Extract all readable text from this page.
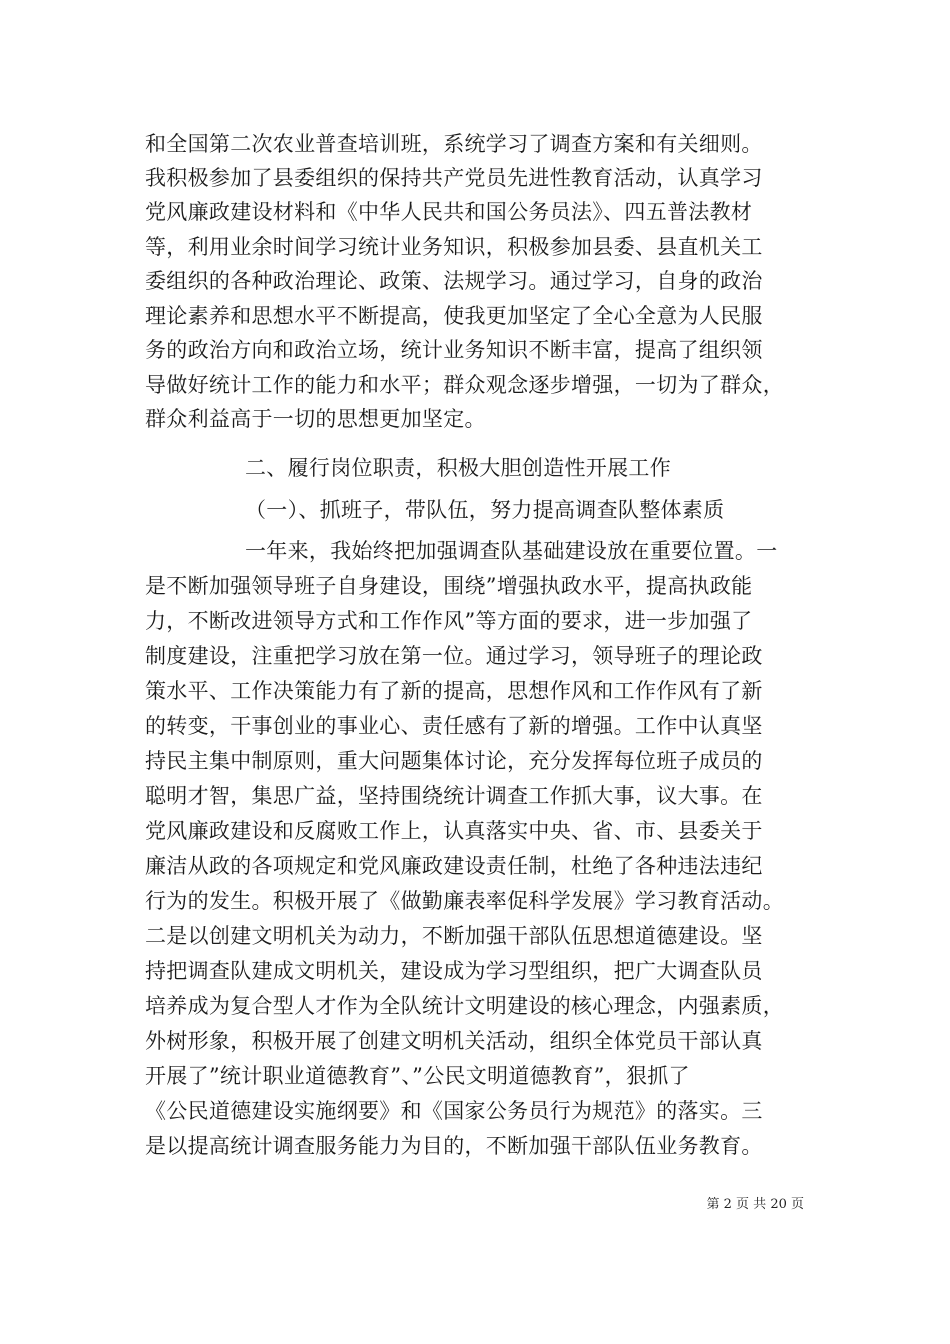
和全国第二次农业普查培训班，系统学习了调查方案和有关细则。
我积极参加了县委组织的保持共产党员先进性教育活动，认真学习
党风廉政建设材料和《中华人民共和国公务员法》、四五普法教材
等，利用业余时间学习统计业务知识，积极参加县委、县直机关工
委组织的各种政治理论、政策、法规学习。通过学习，自身的政治
理论素养和思想水平不断提高，使我更加坚定了全心全意为人民服
务的政治方向和政治立场，统计业务知识不断丰富，提高了组织领
导做好统计工作的能力和水平；群众观念逐步增强，一切为了群众，
群众利益高于一切的思想更加坚定。
二、履行岗位职责，积极大胆创造性开展工作
（一）、抓班子，带队伍，努力提高调查队整体素质
一年来，我始终把加强调查队基础建设放在重要位置。一
是不断加强领导班子自身建设，围绕”增强执政水平，提高执政能
力，不断改进领导方式和工作作风”等方面的要求，进一步加强了
制度建设，注重把学习放在第一位。通过学习，领导班子的理论政
策水平、工作决策能力有了新的提高，思想作风和工作作风有了新
的转变，干事创业的事业心、责任感有了新的增强。工作中认真坚
持民主集中制原则，重大问题集体讨论，充分发挥每位班子成员的
聪明才智，集思广益，坚持围绕统计调查工作抓大事，议大事。在
党风廉政建设和反腐败工作上，认真落实中央、省、市、县委关于
廉洁从政的各项规定和党风廉政建设责任制，杜绝了各种违法违纪
行为的发生。积极开展了《做勤廉表率促科学发展》学习教育活动。
二是以创建文明机关为动力，不断加强干部队伍思想道德建设。坚
持把调查队建成文明机关，建设成为学习型组织，把广大调查队员
培养成为复合型人才作为全队统计文明建设的核心理念，内强素质，
外树形象，积极开展了创建文明机关活动，组织全体党员干部认真
开展了”统计职业道德教育”、”公民文明道德教育”，狠抓了
《公民道德建设实施纲要》和《国家公务员行为规范》的落实。三
是以提高统计调查服务能力为目的，不断加强干部队伍业务教育。
第 2 页 共 20 页
